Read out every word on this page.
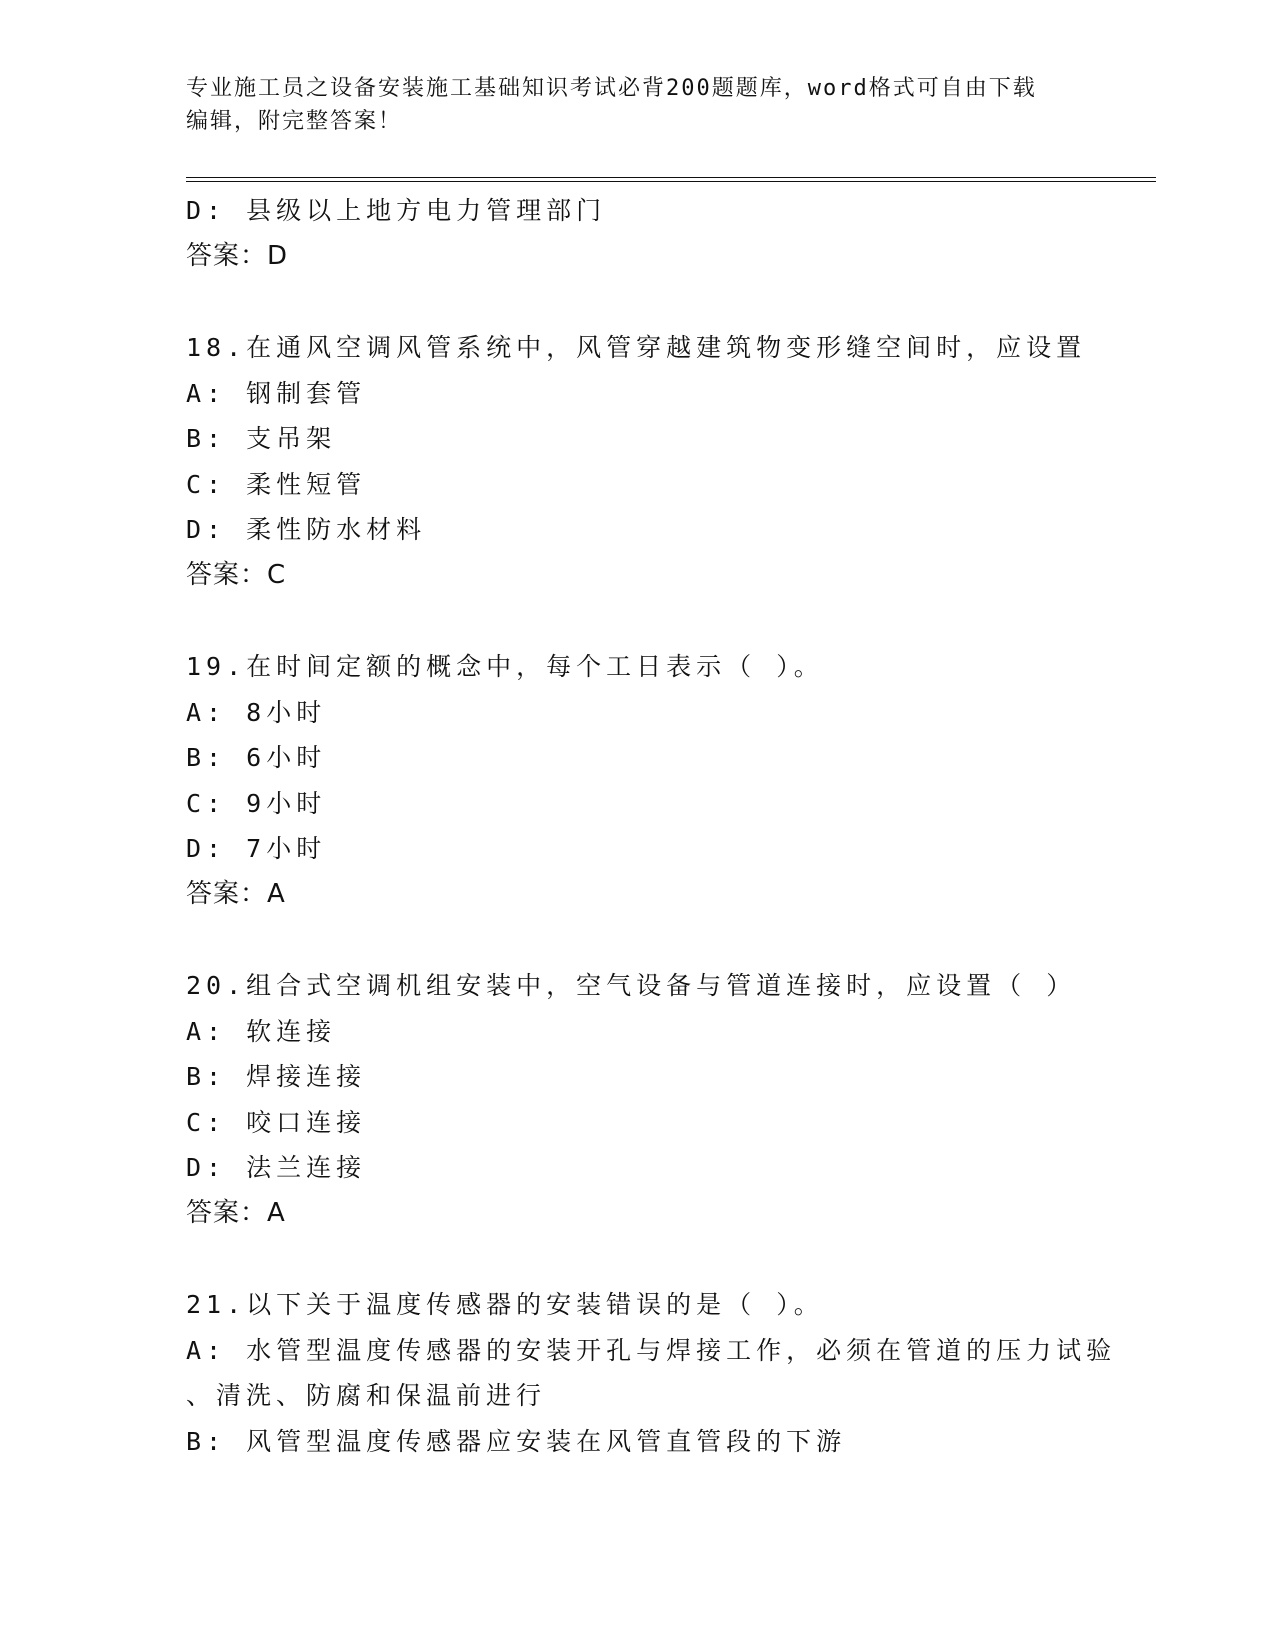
专业施工员之设备安装施工基础知识考试必背200题题库，word格式可自由下载
编辑，附完整答案！
D: 县级以上地方电力管理部门
答案：D
18.在通风空调风管系统中，风管穿越建筑物变形缝空间时，应设置
A: 钢制套管
B: 支吊架
C: 柔性短管
D: 柔性防水材料
答案：C
19.在时间定额的概念中，每个工日表示（ ）。
A: 8小时
B: 6小时
C: 9小时
D: 7小时
答案：A
20.组合式空调机组安装中，空气设备与管道连接时，应设置（ ）
A: 软连接
B: 焊接连接
C: 咬口连接
D: 法兰连接
答案：A
21.以下关于温度传感器的安装错误的是（ ）。
A: 水管型温度传感器的安装开孔与焊接工作，必须在管道的压力试验
、清洗、防腐和保温前进行
B: 风管型温度传感器应安装在风管直管段的下游
